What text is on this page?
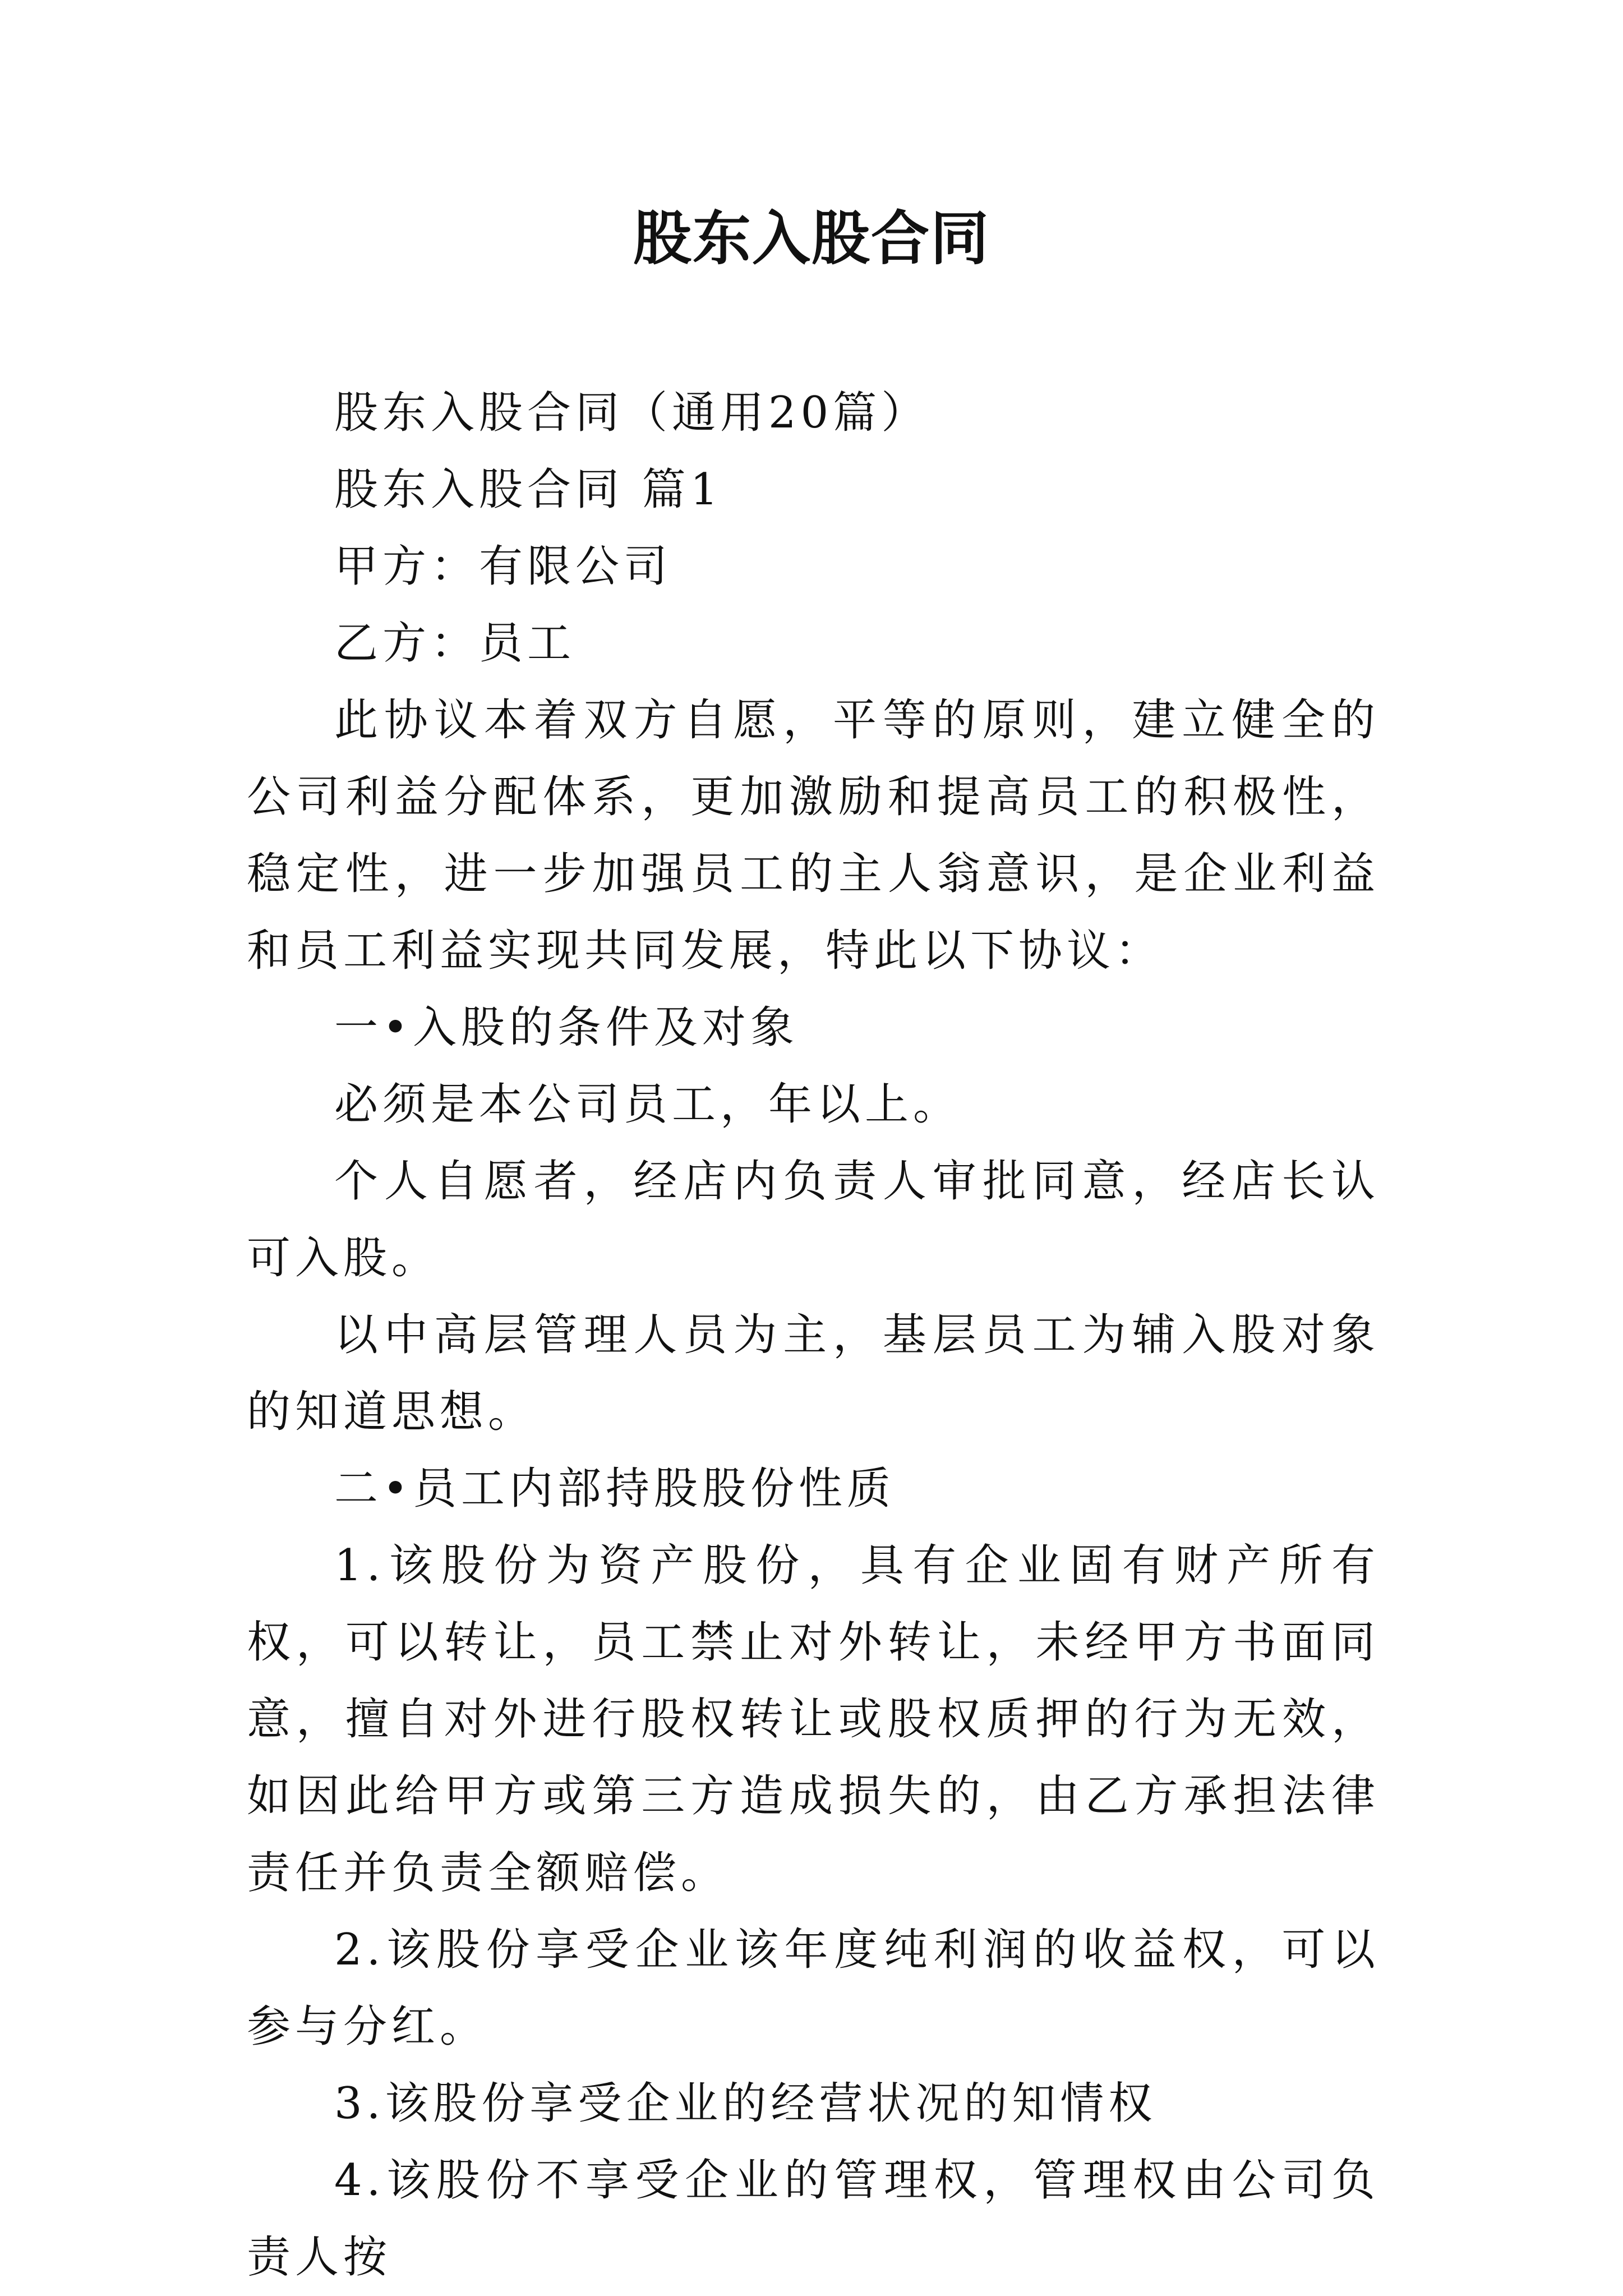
股东入股合同

股东入股合同（通用20篇）

股东入股合同 篇1

甲方：有限公司

乙方：员工

此协议本着双方自愿，平等的原则，建立健全的公司利益分配体系，更加激励和提高员工的积极性，稳定性，进一步加强员工的主人翁意识，是企业利益和员工利益实现共同发展，特此以下协议：

一•入股的条件及对象

必须是本公司员工，年以上。

个人自愿者，经店内负责人审批同意，经店长认可入股。

以中高层管理人员为主，基层员工为辅入股对象的知道思想。

二•员工内部持股股份性质

1.该股份为资产股份，具有企业固有财产所有权，可以转让，员工禁止对外转让，未经甲方书面同意，擅自对外进行股权转让或股权质押的行为无效，如因此给甲方或第三方造成损失的，由乙方承担法律责任并负责全额赔偿。

2.该股份享受企业该年度纯利润的收益权，可以参与分红。

3.该股份享受企业的经营状况的知情权

4.该股份不享受企业的管理权，管理权由公司负责人按
